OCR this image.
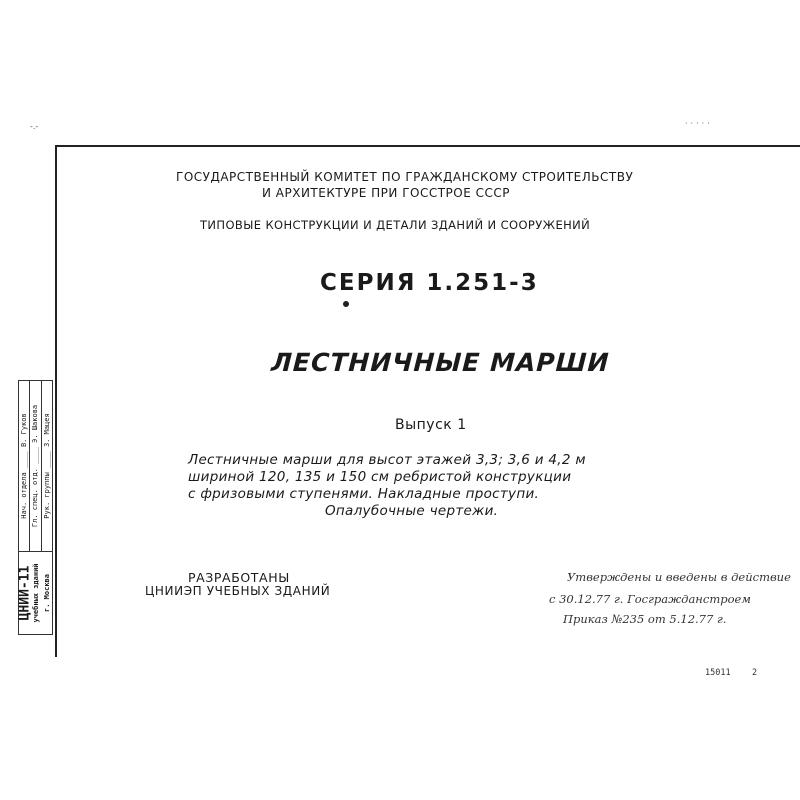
-.-	·····
Нач. отдела ____ В. Гуков
Гл. спец. отд. ____ Э. Шакова
Рук. группы ____ З. Мацея
ЦНИИ-11 учебных зданий г. Москва
ГОСУДАРСТВЕННЫЙ КОМИТЕТ ПО ГРАЖДАНСКОМУ СТРОИТЕЛЬСТВУ
И АРХИТЕКТУРЕ ПРИ ГОССТРОЕ СССР
ТИПОВЫЕ КОНСТРУКЦИИ И ДЕТАЛИ ЗДАНИЙ И СООРУЖЕНИЙ
СЕРИЯ 1.251-3
ЛЕСТНИЧНЫЕ МАРШИ
Выпуск 1
Лестничные марши для высот этажей 3,3; 3,6 и 4,2 м
шириной 120, 135 и 150 см ребристой конструкции
с фризовыми ступенями. Накладные проступи.
Опалубочные чертежи.
РАЗРАБОТАНЫ
ЦНИИЭП УЧЕБНЫХ ЗДАНИЙ
Утверждены и введены в действие
с 30.12.77 г. Госгражданстроем
Приказ №235 от 5.12.77 г.
15011	2
